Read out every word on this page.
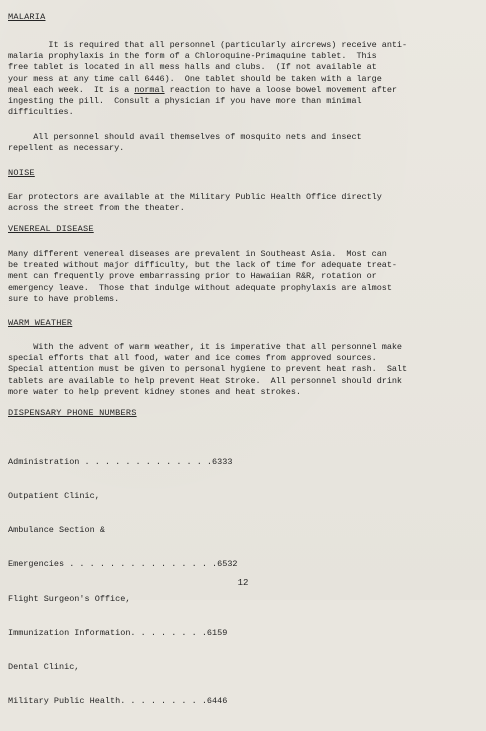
MALARIA
It is required that all personnel (particularly aircrews) receive anti-
malaria prophylaxis in the form of a Chloroquine-Primaquine tablet.  This
free tablet is located in all mess halls and clubs.  (If not available at
your mess at any time call 6446).  One tablet should be taken with a large
meal each week.  It is a normal reaction to have a loose bowel movement after
ingesting the pill.  Consult a physician if you have more than minimal
difficulties.
All personnel should avail themselves of mosquito nets and insect
repellent as necessary.
NOISE
Ear protectors are available at the Military Public Health Office directly
across the street from the theater.
VENEREAL DISEASE
Many different venereal diseases are prevalent in Southeast Asia.  Most can
be treated without major difficulty, but the lack of time for adequate treat-
ment can frequently prove embarrassing prior to Hawaiian R&R, rotation or
emergency leave.  Those that indulge without adequate prophylaxis are almost
sure to have problems.
WARM WEATHER
With the advent of warm weather, it is imperative that all personnel make
special efforts that all food, water and ice comes from approved sources.
Special attention must be given to personal hygiene to prevent heat rash.  Salt
tablets are available to help prevent Heat Stroke.  All personnel should drink
more water to help prevent kidney stones and heat strokes.
DISPENSARY PHONE NUMBERS

Administration . . . . . . . . . . . . .6333

Outpatient Clinic,

Ambulance Section &

Emergencies . . . . . . . . . . . . . . .6532

Flight Surgeon's Office,

Immunization Information. . . . . . . .6159

Dental Clinic,

Military Public Health. . . . . . . . .6446

12
